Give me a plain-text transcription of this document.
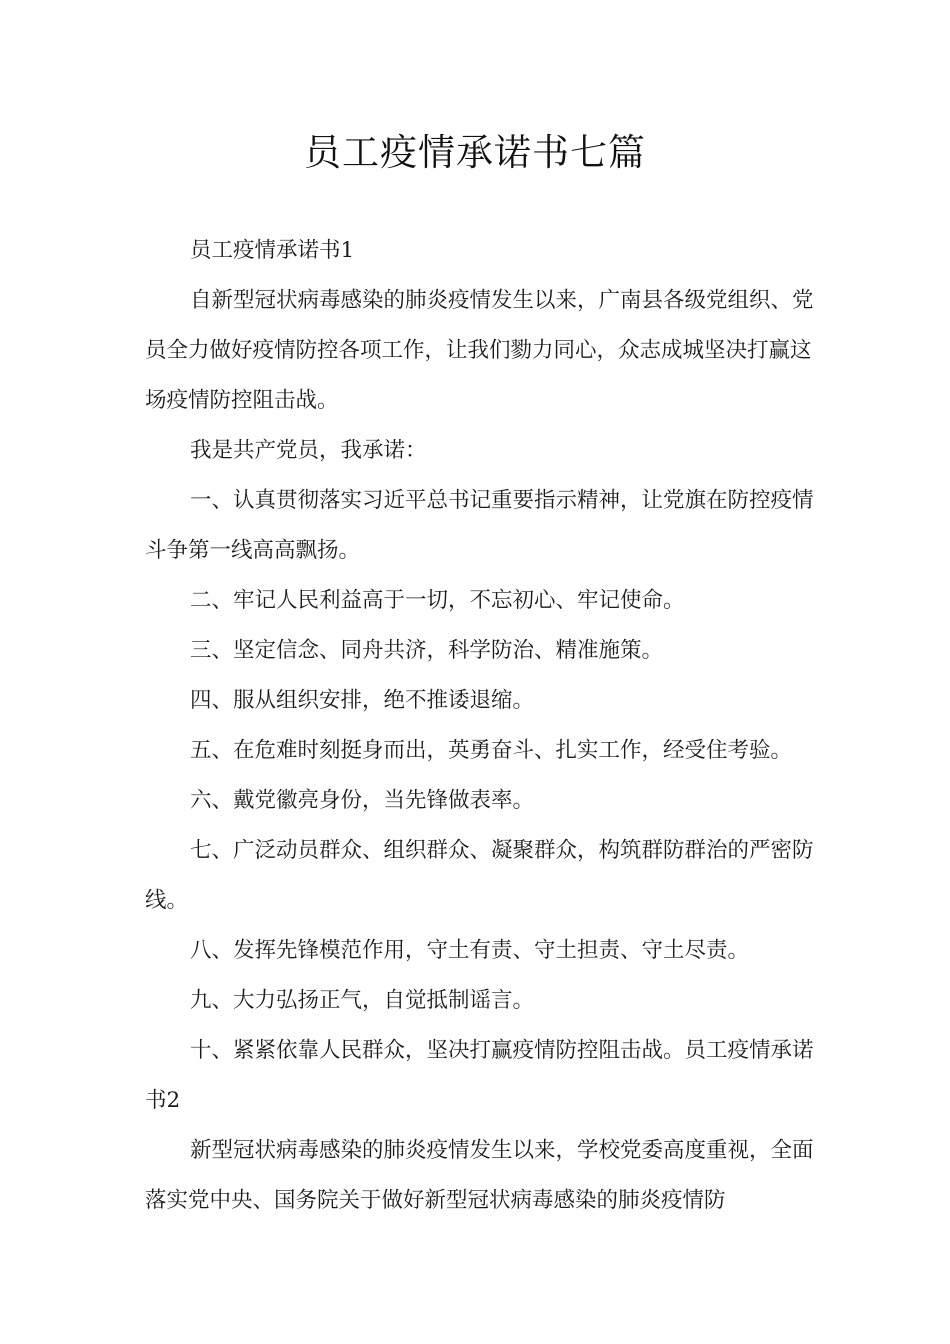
员工疫情承诺书七篇

员工疫情承诺书1

自新型冠状病毒感染的肺炎疫情发生以来，广南县各级党组织、党员全力做好疫情防控各项工作，让我们勠力同心，众志成城坚决打赢这场疫情防控阻击战。

我是共产党员，我承诺：

一、认真贯彻落实习近平总书记重要指示精神，让党旗在防控疫情斗争第一线高高飘扬。

二、牢记人民利益高于一切，不忘初心、牢记使命。

三、坚定信念、同舟共济，科学防治、精准施策。

四、服从组织安排，绝不推诿退缩。

五、在危难时刻挺身而出，英勇奋斗、扎实工作，经受住考验。

六、戴党徽亮身份，当先锋做表率。

七、广泛动员群众、组织群众、凝聚群众，构筑群防群治的严密防线。

八、发挥先锋模范作用，守土有责、守土担责、守土尽责。

九、大力弘扬正气，自觉抵制谣言。

十、紧紧依靠人民群众，坚决打赢疫情防控阻击战。员工疫情承诺书2

新型冠状病毒感染的肺炎疫情发生以来，学校党委高度重视，全面落实党中央、国务院关于做好新型冠状病毒感染的肺炎疫情防
